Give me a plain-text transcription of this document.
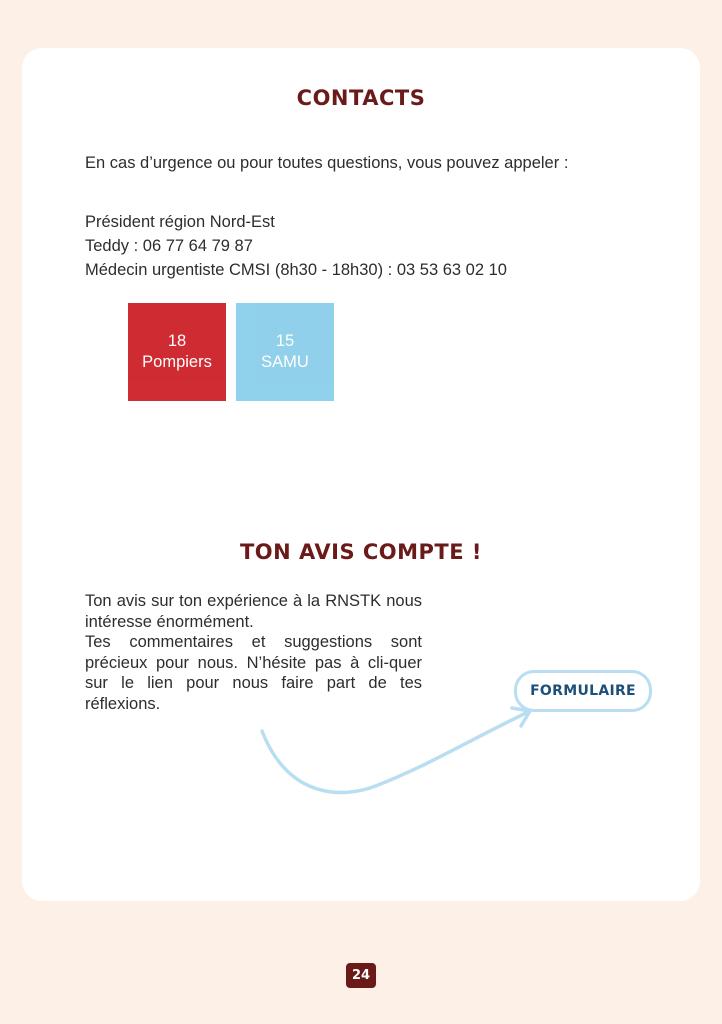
CONTACTS
En cas d’urgence ou pour toutes questions, vous pouvez appeler :
Président région Nord-Est
Teddy : 06 77 64 79 87
Médecin urgentiste CMSI (8h30 - 18h30) : 03 53 63 02 10
18
Pompiers
15
SAMU
TON AVIS COMPTE !

Ton avis sur ton expérience à la RNSTK nous intéresse énormément.

Tes commentaires et suggestions sont précieux pour nous. N’hésite pas à cli-quer sur le lien pour nous faire part de tes réflexions.

FORMULAIRE
24
